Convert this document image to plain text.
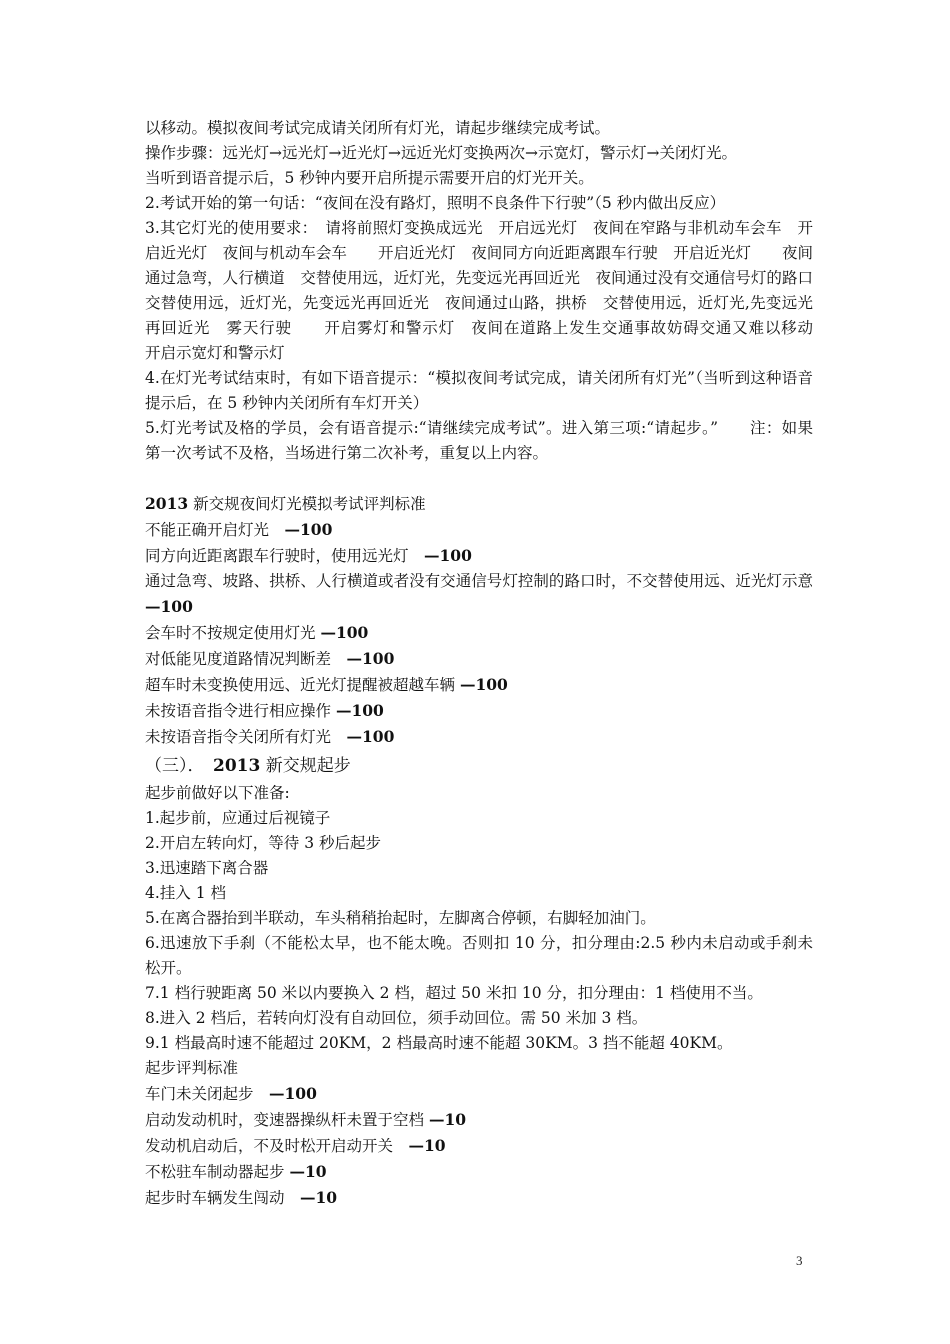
以移动。模拟夜间考试完成请关闭所有灯光，请起步继续完成考试。

操作步骤：远光灯→远光灯→近光灯→远近光灯变换两次→示宽灯，警示灯→关闭灯光。

当听到语音提示后，5 秒钟内要开启所提示需要开启的灯光开关。

2.考试开始的第一句话：“夜间在没有路灯，照明不良条件下行驶”（5 秒内做出反应）

3.其它灯光的使用要求：　请将前照灯变换成远光　开启远光灯　夜间在窄路与非机动车会车　开启近光灯　夜间与机动车会车　　开启近光灯　夜间同方向近距离跟车行驶　开启近光灯　　夜间通过急弯，人行横道　交替使用远，近灯光，先变远光再回近光　夜间通过没有交通信号灯的路口　交替使用远，近灯光，先变远光再回近光　夜间通过山路，拱桥　交替使用远，近灯光,先变远光再回近光　雾天行驶　　开启雾灯和警示灯　夜间在道路上发生交通事故妨碍交通又难以移动　　开启示宽灯和警示灯

4.在灯光考试结束时，有如下语音提示：“模拟夜间考试完成，请关闭所有灯光”（当听到这种语音提示后，在 5 秒钟内关闭所有车灯开关）

5.灯光考试及格的学员，会有语音提示:“请继续完成考试”。进入第三项:“请起步。”　　注：如果第一次考试不及格，当场进行第二次补考，重复以上内容。

2013 新交规夜间灯光模拟考试评判标准

不能正确开启灯光　—100

同方向近距离跟车行驶时，使用远光灯　—100

通过急弯、坡路、拱桥、人行横道或者没有交通信号灯控制的路口时，不交替使用远、近光灯示意 —100

会车时不按规定使用灯光 —100

对低能见度道路情况判断差　—100

超车时未变换使用远、近光灯提醒被超越车辆 —100

未按语音指令进行相应操作 —100

未按语音指令关闭所有灯光　—100

（三）．　2013 新交规起步

起步前做好以下准备:

1.起步前，应通过后视镜子

2.开启左转向灯，等待 3 秒后起步

3.迅速踏下离合器

4.挂入 1 档

5.在离合器抬到半联动，车头稍稍抬起时，左脚离合停顿，右脚轻加油门。

6.迅速放下手刹（不能松太早，也不能太晚。否则扣 10 分，扣分理由:2.5 秒内未启动或手刹未松开。

7.1 档行驶距离 50 米以内要换入 2 档，超过 50 米扣 10 分，扣分理由：1 档使用不当。

8.进入 2 档后，若转向灯没有自动回位，须手动回位。需 50 米加 3 档。

9.1 档最高时速不能超过 20KM，2 档最高时速不能超 30KM。3 挡不能超 40KM。

起步评判标准

车门未关闭起步　—100

启动发动机时，变速器操纵杆未置于空档 —10

发动机启动后，不及时松开启动开关　—10

不松驻车制动器起步 —10

起步时车辆发生闯动　—10

3
